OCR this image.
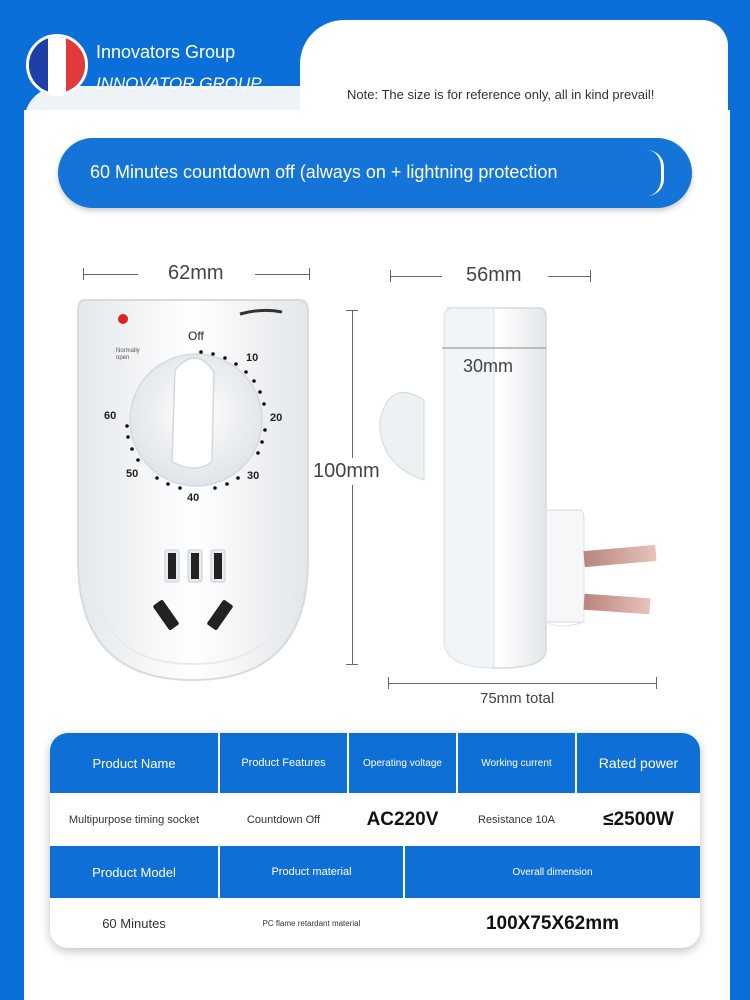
Innovators Group
INNOVATOR GROUP
Note: The size is for reference only, all in kind prevail!
60 Minutes countdown off (always on + lightning protection
62mm	56mm
100mm
75mm total
30mm
Off
Normally
open	10
20
30
40
50
60
Product Name	Product Features	Operating voltage	Working current	Rated power
Multipurpose timing socket	Countdown Off	AC220V	Resistance 10A	≤2500W
Product Model	Product material	Overall dimension
60 Minutes	PC flame retardant material	100X75X62mm
